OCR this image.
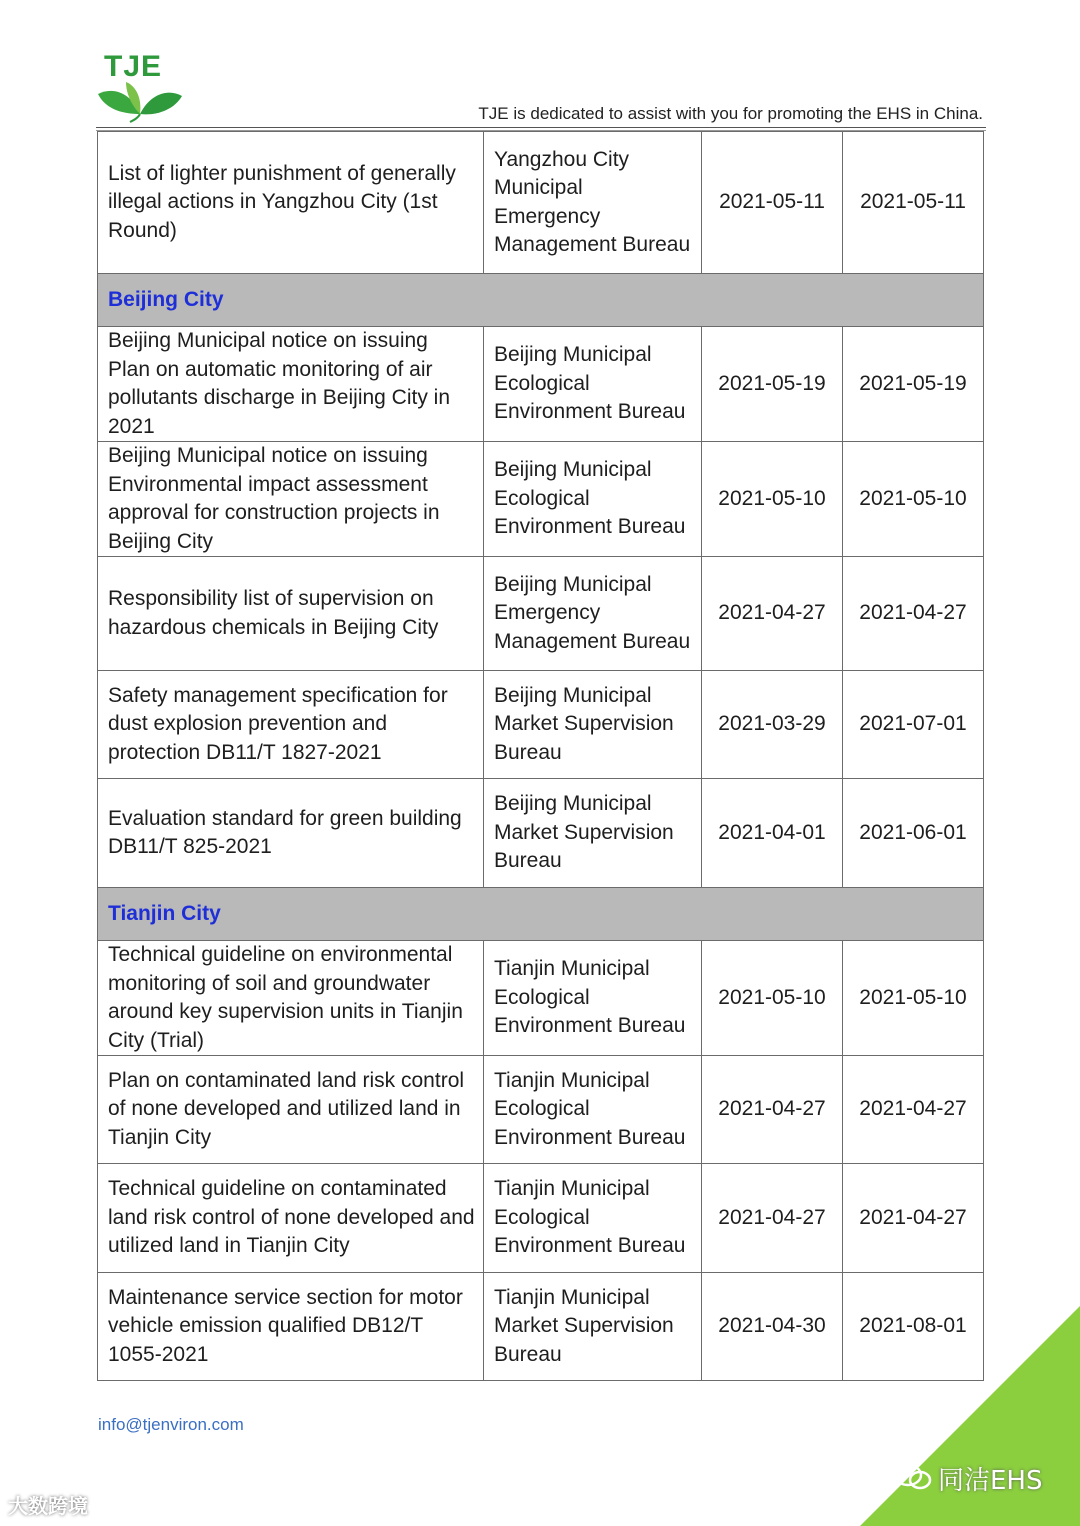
TJE
TJE is dedicated to assist with you for promoting the EHS in China.
List of lighter punishment of generally illegal actions in Yangzhou City (1st Round)	Yangzhou City Municipal Emergency Management Bureau	2021-05-11	2021-05-11
Beijing City			
Beijing Municipal notice on issuing Plan on automatic monitoring of air pollutants discharge in Beijing City in 2021	Beijing Municipal Ecological Environment Bureau	2021-05-19	2021-05-19
Beijing Municipal notice on issuing Environmental impact assessment approval for construction projects in Beijing City	Beijing Municipal Ecological Environment Bureau	2021-05-10	2021-05-10
Responsibility list of supervision on hazardous chemicals in Beijing City	Beijing Municipal Emergency Management Bureau	2021-04-27	2021-04-27
Safety management specification for dust explosion prevention and protection DB11/T 1827-2021	Beijing Municipal Market Supervision Bureau	2021-03-29	2021-07-01
Evaluation standard for green building DB11/T 825-2021	Beijing Municipal Market Supervision Bureau	2021-04-01	2021-06-01
Tianjin City			
Technical guideline on environmental monitoring of soil and groundwater around key supervision units in Tianjin City (Trial)	Tianjin Municipal Ecological Environment Bureau	2021-05-10	2021-05-10
Plan on contaminated land risk control of none developed and utilized land in Tianjin City	Tianjin Municipal Ecological Environment Bureau	2021-04-27	2021-04-27
Technical guideline on contaminated land risk control of none developed and utilized land in Tianjin City	Tianjin Municipal Ecological Environment Bureau	2021-04-27	2021-04-27
Maintenance service section for motor vehicle emission qualified DB12/T 1055-2021	Tianjin Municipal Market Supervision Bureau	2021-04-30	2021-08-01
info@tjenviron.com
同洁EHS
大数跨境
